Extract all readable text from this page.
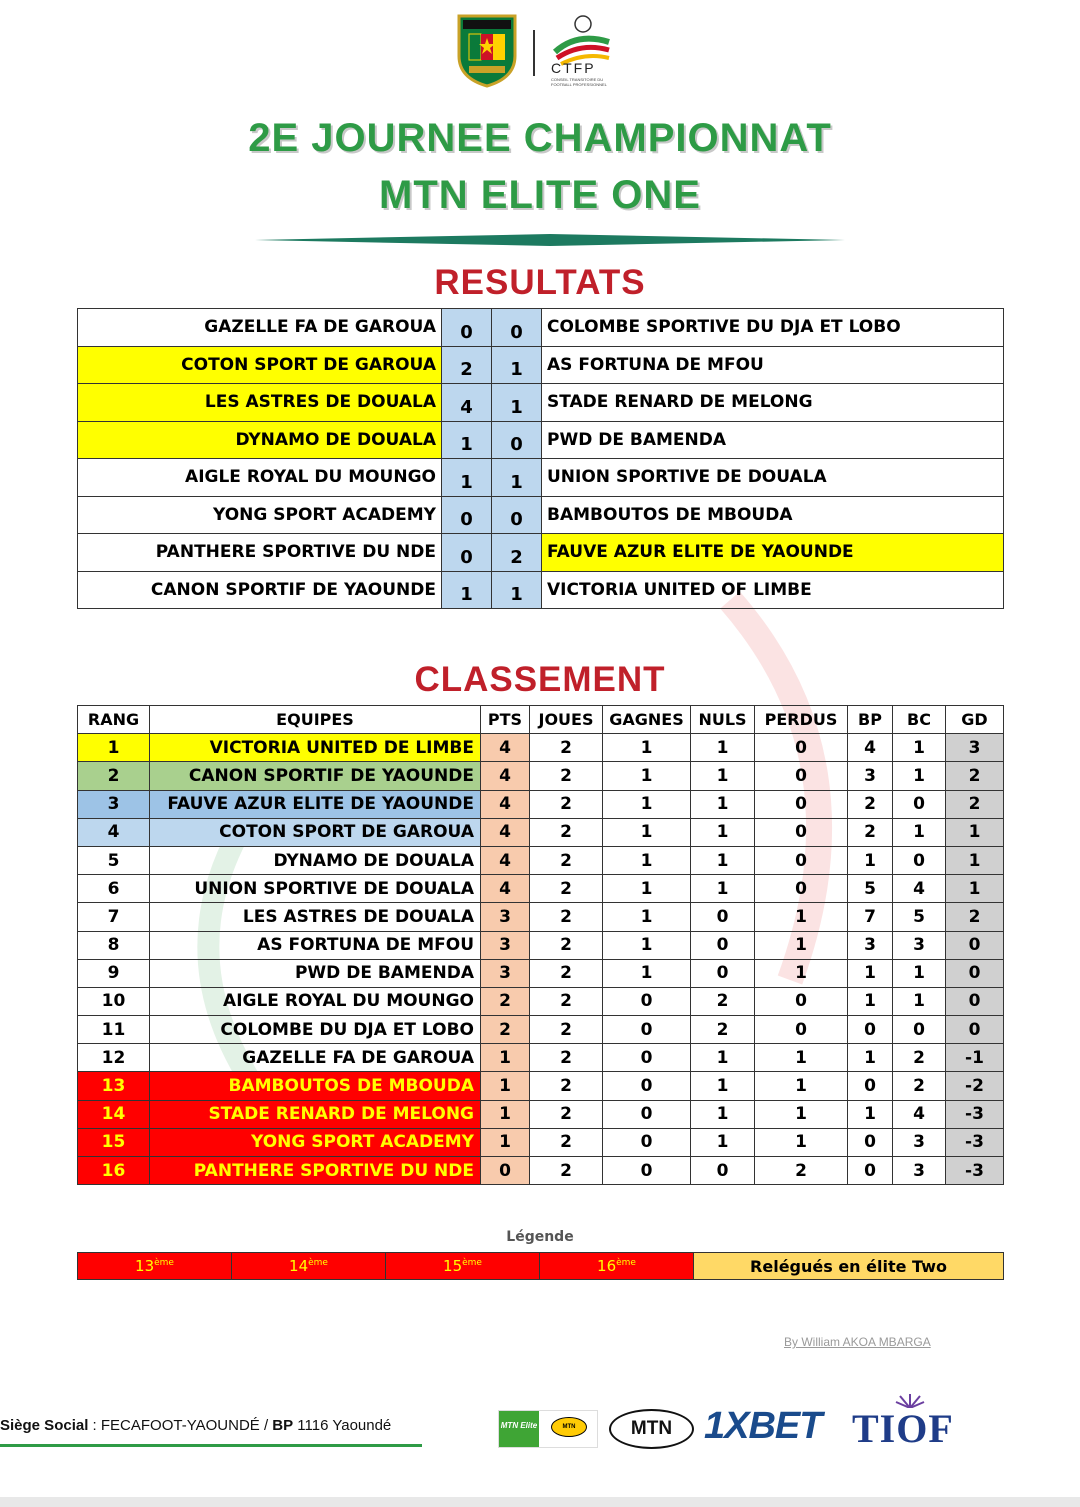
CTFP
CONSEIL TRANSITOIRE DU FOOTBALL PROFESSIONNEL
2E JOURNEE CHAMPIONNAT
MTN ELITE ONE
RESULTATS
GAZELLE FA DE GAROUA	0	0	COLOMBE SPORTIVE DU DJA ET LOBO
COTON SPORT DE GAROUA	2	1	AS FORTUNA DE MFOU
LES ASTRES DE DOUALA	4	1	STADE RENARD DE MELONG
DYNAMO DE DOUALA	1	0	PWD DE BAMENDA
AIGLE ROYAL DU MOUNGO	1	1	UNION SPORTIVE DE DOUALA
YONG SPORT ACADEMY	0	0	BAMBOUTOS DE MBOUDA
PANTHERE SPORTIVE DU NDE	0	2	FAUVE AZUR ELITE DE YAOUNDE
CANON SPORTIF DE YAOUNDE	1	1	VICTORIA UNITED OF LIMBE
CLASSEMENT
RANG	EQUIPES	PTS	JOUES	GAGNES	NULS	PERDUS	BP	BC	GD
1	VICTORIA UNITED DE LIMBE	4	2	1	1	0	4	1	3
2	CANON SPORTIF DE YAOUNDE	4	2	1	1	0	3	1	2
3	FAUVE AZUR ELITE DE YAOUNDE	4	2	1	1	0	2	0	2
4	COTON SPORT DE GAROUA	4	2	1	1	0	2	1	1
5	DYNAMO DE DOUALA	4	2	1	1	0	1	0	1
6	UNION SPORTIVE DE DOUALA	4	2	1	1	0	5	4	1
7	LES ASTRES DE DOUALA	3	2	1	0	1	7	5	2
8	AS FORTUNA DE MFOU	3	2	1	0	1	3	3	0
9	PWD DE BAMENDA	3	2	1	0	1	1	1	0
10	AIGLE ROYAL DU MOUNGO	2	2	0	2	0	1	1	0
11	COLOMBE DU DJA ET LOBO	2	2	0	2	0	0	0	0
12	GAZELLE FA DE GAROUA	1	2	0	1	1	1	2	-1
13	BAMBOUTOS DE MBOUDA	1	2	0	1	1	0	2	-2
14	STADE RENARD DE MELONG	1	2	0	1	1	1	4	-3
15	YONG SPORT ACADEMY	1	2	0	1	1	0	3	-3
16	PANTHERE SPORTIVE DU NDE	0	2	0	0	2	0	3	-3
Légende
13ème	14ème	15ème	16ème	Relégués en élite Two
By William AKOA MBARGA
Siège Social : FECAFOOT-YAOUNDÉ / BP 1116 Yaoundé	MTN Elite	MTN	MTN 1XBET TIOF
